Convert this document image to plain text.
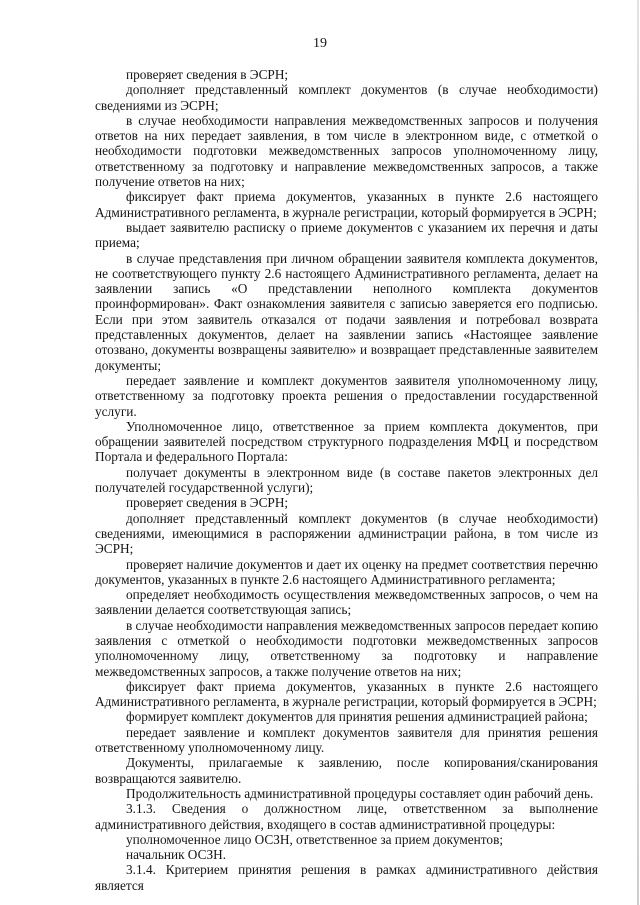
19

проверяет сведения в ЭСРН;

дополняет представленный комплект документов (в случае необходимости) сведениями из ЭСРН;

в случае необходимости направления межведомственных запросов и получения ответов на них передает заявления, в том числе в электронном виде, с отметкой о необходимости подготовки межведомственных запросов уполномоченному лицу, ответственному за подготовку и направление межведомственных запросов, а также получение ответов на них;

фиксирует факт приема документов, указанных в пункте 2.6 настоящего Административного регламента, в журнале регистрации, который формируется в ЭСРН;

выдает заявителю расписку о приеме документов с указанием их перечня и даты приема;

в случае представления при личном обращении заявителя комплекта документов, не соответствующего пункту 2.6 настоящего Административного регламента, делает на заявлении запись «О представлении неполного комплекта документов проинформирован». Факт ознакомления заявителя с записью заверяется его подписью. Если при этом заявитель отказался от подачи заявления и потребовал возврата представленных документов, делает на заявлении запись «Настоящее заявление отозвано, документы возвращены заявителю» и возвращает представленные заявителем документы;

передает заявление и комплект документов заявителя уполномоченному лицу, ответственному за подготовку проекта решения о предоставлении государственной услуги.

Уполномоченное лицо, ответственное за прием комплекта документов, при обращении заявителей посредством структурного подразделения МФЦ и посредством Портала и федерального Портала:

получает документы в электронном виде (в составе пакетов электронных дел получателей государственной услуги);

проверяет сведения в ЭСРН;

дополняет представленный комплект документов (в случае необходимости) сведениями, имеющимися в распоряжении администрации района, в том числе из ЭСРН;

проверяет наличие документов и дает их оценку на предмет соответствия перечню документов, указанных в пункте 2.6 настоящего Административного регламента;

определяет необходимость осуществления межведомственных запросов, о чем на заявлении делается соответствующая запись;

в случае необходимости направления межведомственных запросов передает копию заявления с отметкой о необходимости подготовки межведомственных запросов уполномоченному лицу, ответственному за подготовку и направление межведомственных запросов, а также получение ответов на них;

фиксирует факт приема документов, указанных в пункте 2.6 настоящего Административного регламента, в журнале регистрации, который формируется в ЭСРН;

формирует комплект документов для принятия решения администрацией района;

передает заявление и комплект документов заявителя для принятия решения ответственному уполномоченному лицу.

Документы, прилагаемые к заявлению, после копирования/сканирования возвращаются заявителю.

Продолжительность административной процедуры составляет один рабочий день.

3.1.3. Сведения о должностном лице, ответственном за выполнение административного действия, входящего в состав административной процедуры:

уполномоченное лицо ОСЗН, ответственное за прием документов;

начальник ОСЗН.

3.1.4. Критерием принятия решения в рамках административного действия является
